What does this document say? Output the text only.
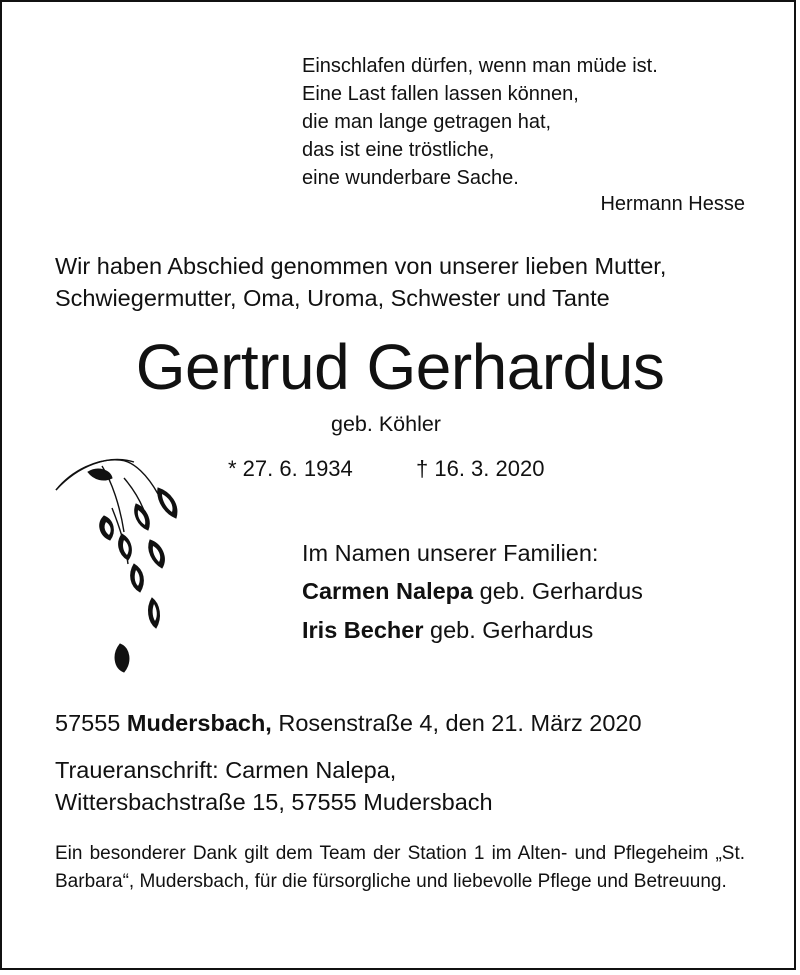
Einschlafen dürfen, wenn man müde ist.
Eine Last fallen lassen können,
die man lange getragen hat,
das ist eine tröstliche,
eine wunderbare Sache.
Hermann Hesse
Wir haben Abschied genommen von unserer lieben Mutter,
Schwiegermutter, Oma, Uroma, Schwester und Tante
Gertrud Gerhardus
geb. Köhler
* 27. 6. 1934	† 16. 3. 2020
Im Namen unserer Familien:
Carmen Nalepa geb. Gerhardus
Iris Becher geb. Gerhardus
57555 Mudersbach, Rosenstraße 4, den 21. März 2020
Traueranschrift: Carmen Nalepa,
Wittersbachstraße 15, 57555 Mudersbach
Ein besonderer Dank gilt dem Team der Station 1 im Alten- und Pflegeheim „St. Barbara“, Mudersbach, für die fürsorgliche und liebevolle Pflege und Betreuung.
